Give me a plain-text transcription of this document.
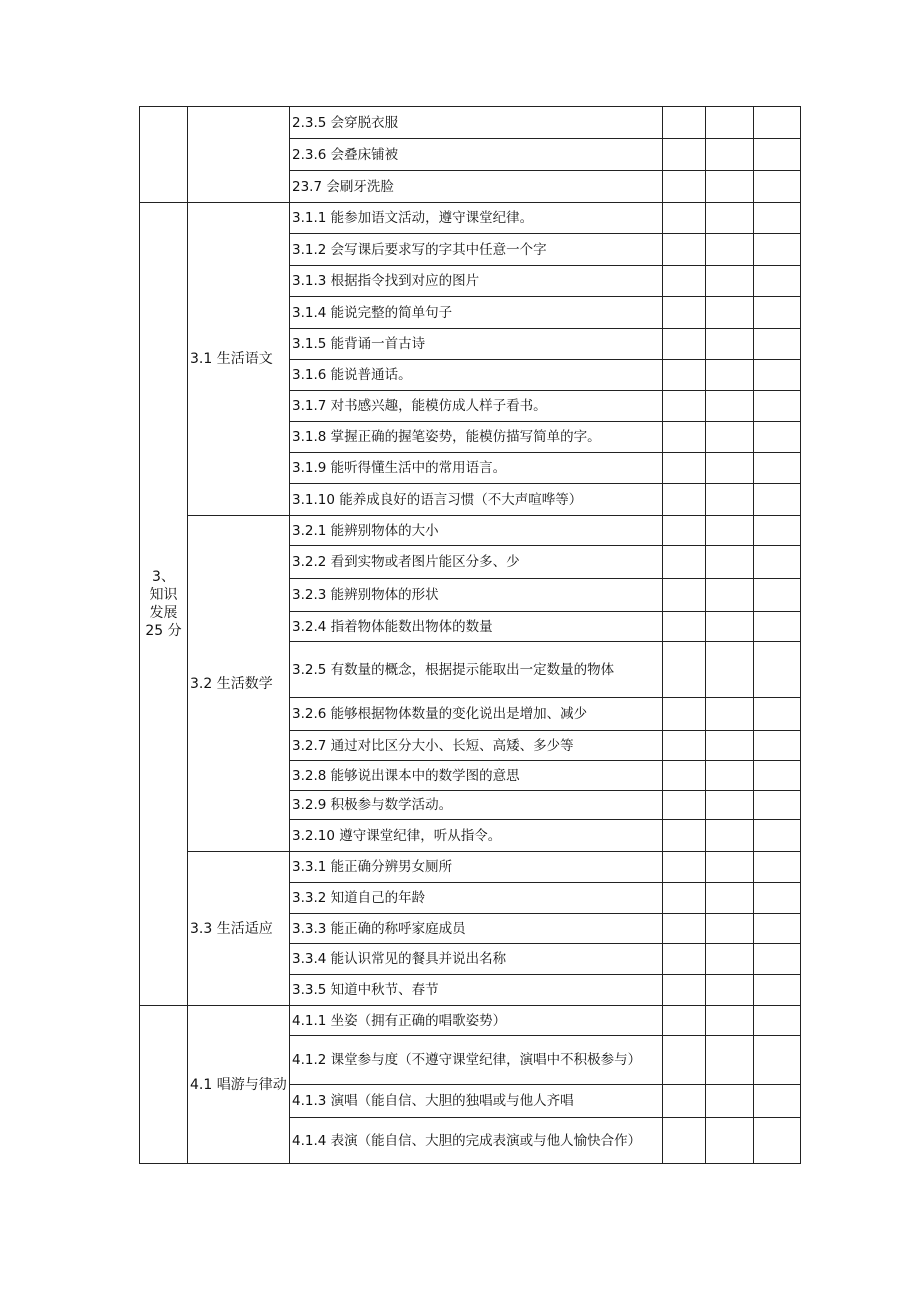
		2.3.5 会穿脱衣服			
		2.3.6 会叠床铺被			
		23.7 会刷牙洗脸			

3、
知识
发展
25 分	3.1 生活语文	3.1.1 能参加语文活动，遵守课堂纪律。			
		3.1.2 会写课后要求写的字其中任意一个字			
		3.1.3 根据指令找到对应的图片			
		3.1.4 能说完整的简单句子			
		3.1.5 能背诵一首古诗			
		3.1.6 能说普通话。			
		3.1.7 对书感兴趣，能模仿成人样子看书。			
		3.1.8 掌握正确的握笔姿势，能模仿描写简单的字。			
		3.1.9 能听得懂生活中的常用语言。			
		3.1.10 能养成良好的语言习惯（不大声喧哗等）			
	3.2 生活数学	3.2.1 能辨别物体的大小			
		3.2.2 看到实物或者图片能区分多、少			
		3.2.3 能辨别物体的形状			
		3.2.4 指着物体能数出物体的数量			
		3.2.5 有数量的概念，根据提示能取出一定数量的物体			
		3.2.6 能够根据物体数量的变化说出是增加、减少			
		3.2.7 通过对比区分大小、长短、高矮、多少等			
		3.2.8 能够说出课本中的数学图的意思			
		3.2.9 积极参与数学活动。			
		3.2.10 遵守课堂纪律，听从指令。			
	3.3 生活适应	3.3.1 能正确分辨男女厕所			
		3.3.2 知道自己的年龄			
		3.3.3 能正确的称呼家庭成员			
		3.3.4 能认识常见的餐具并说出名称			
		3.3.5 知道中秋节、春节			
	4.1 唱游与律动	4.1.1 坐姿（拥有正确的唱歌姿势）			
		4.1.2 课堂参与度（不遵守课堂纪律，演唱中不积极参与）			
		4.1.3 演唱（能自信、大胆的独唱或与他人齐唱			
		4.1.4 表演（能自信、大胆的完成表演或与他人愉快合作）			
